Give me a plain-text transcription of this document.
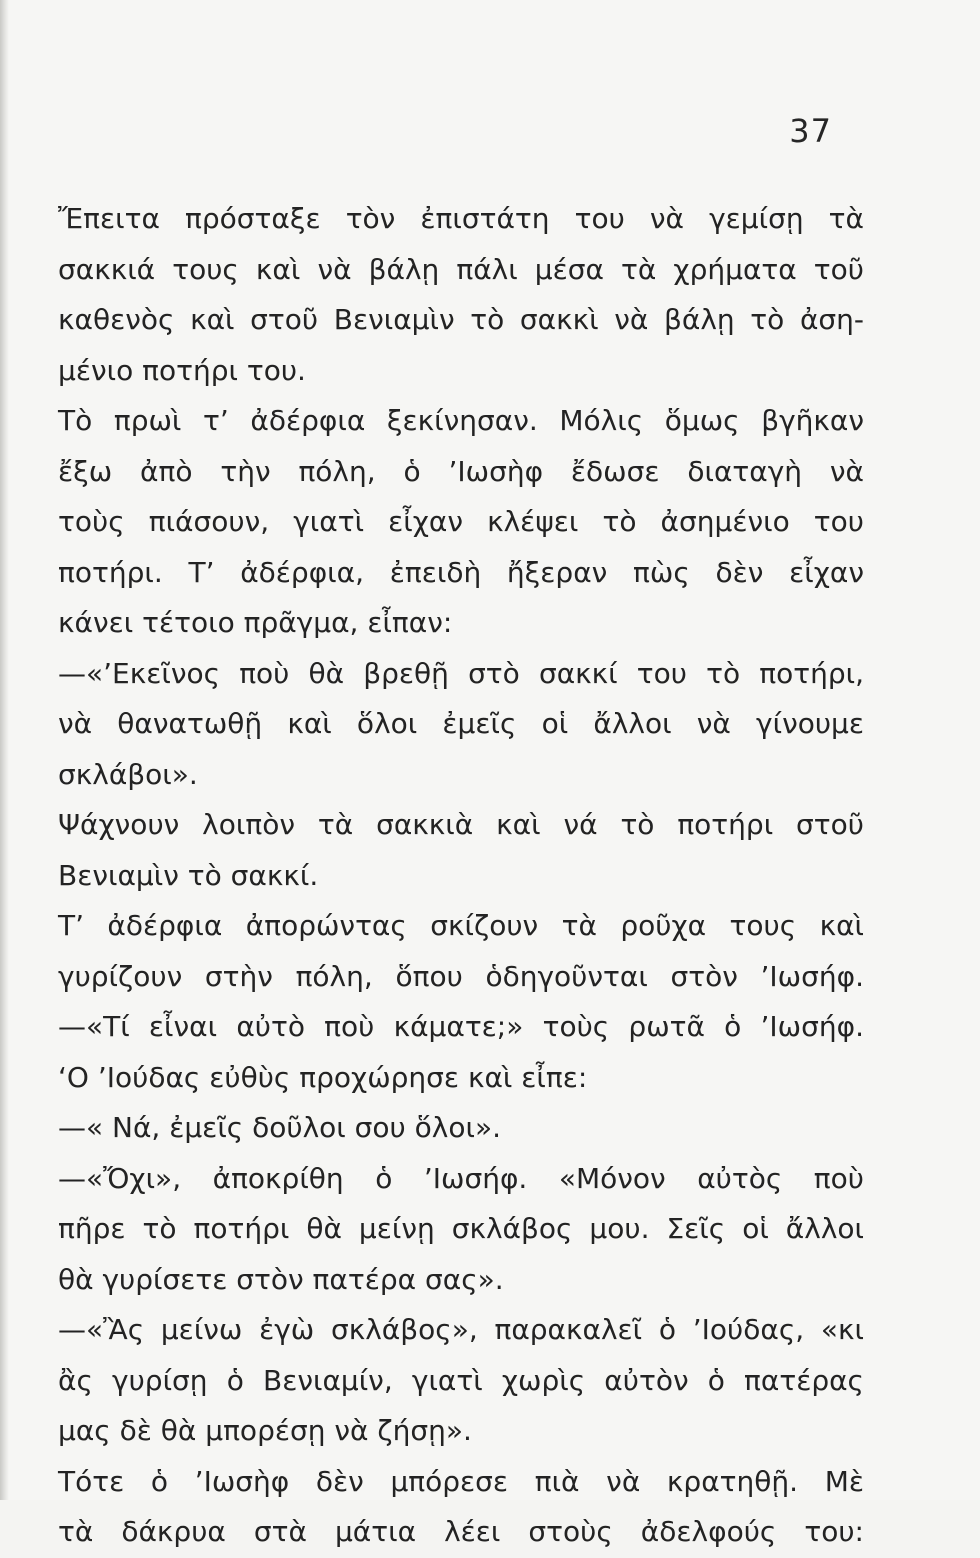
37
Ἔπειτα πρόσταξε τὸν ἐπιστάτη του νὰ γεμίσῃ τὰ
σακκιά τους καὶ νὰ βάλῃ πάλι μέσα τὰ χρήματα τοῦ
καθενὸς καὶ στοῦ Βενιαμὶν τὸ σακκὶ νὰ βάλῃ τὸ ἀση-
μένιο ποτήρι του.
Τὸ πρωὶ τ’ ἀδέρφια ξεκίνησαν. Μόλις ὅμως βγῆκαν
ἔξω ἀπὸ τὴν πόλη, ὁ ’Ιωσὴφ ἔδωσε διαταγὴ νὰ
τοὺς πιάσουν, γιατὶ εἶχαν κλέψει τὸ ἀσημένιο του
ποτήρι. Τ’ ἀδέρφια, ἐπειδὴ ἤξεραν πὼς δὲν εἶχαν
κάνει τέτοιο πρᾶγμα, εἶπαν:
—«’Εκεῖνος ποὺ θὰ βρεθῇ στὸ σακκί του τὸ ποτήρι,
νὰ θανατωθῇ καὶ ὅλοι ἐμεῖς οἱ ἄλλοι νὰ γίνουμε
σκλάβοι».
Ψάχνουν λοιπὸν τὰ σακκιὰ καὶ νά τὸ ποτήρι στοῦ
Βενιαμὶν τὸ σακκί.
Τ’ ἀδέρφια ἀπορώντας σκίζουν τὰ ροῦχα τους καὶ
γυρίζουν στὴν πόλη, ὅπου ὁδηγοῦνται στὸν ’Ιωσήφ.
—«Τί εἶναι αὐτὸ ποὺ κάματε;» τοὺς ρωτᾶ ὁ ’Ιωσήφ.
‘Ο ’Ιούδας εὐθὺς προχώρησε καὶ εἶπε:
—« Νά, ἐμεῖς δοῦλοι σου ὅλοι».
—«Ὄχι», ἀποκρίθη ὁ ’Ιωσήφ. «Μόνον αὐτὸς ποὺ
πῆρε τὸ ποτήρι θὰ μείνῃ σκλάβος μου. Σεῖς οἱ ἄλλοι
θὰ γυρίσετε στὸν πατέρα σας».
—«Ἂς μείνω ἐγὼ σκλάβος», παρακαλεῖ ὁ ’Ιούδας, «κι
ἂς γυρίσῃ ὁ Βενιαμίν, γιατὶ χωρὶς αὐτὸν ὁ πατέρας
μας δὲ θὰ μπορέσῃ νὰ ζήσῃ».
Τότε ὁ ’Ιωσὴφ δὲν μπόρεσε πιὰ νὰ κρατηθῇ. Μὲ
τὰ δάκρυα στὰ μάτια λέει στοὺς ἀδελφούς του:
